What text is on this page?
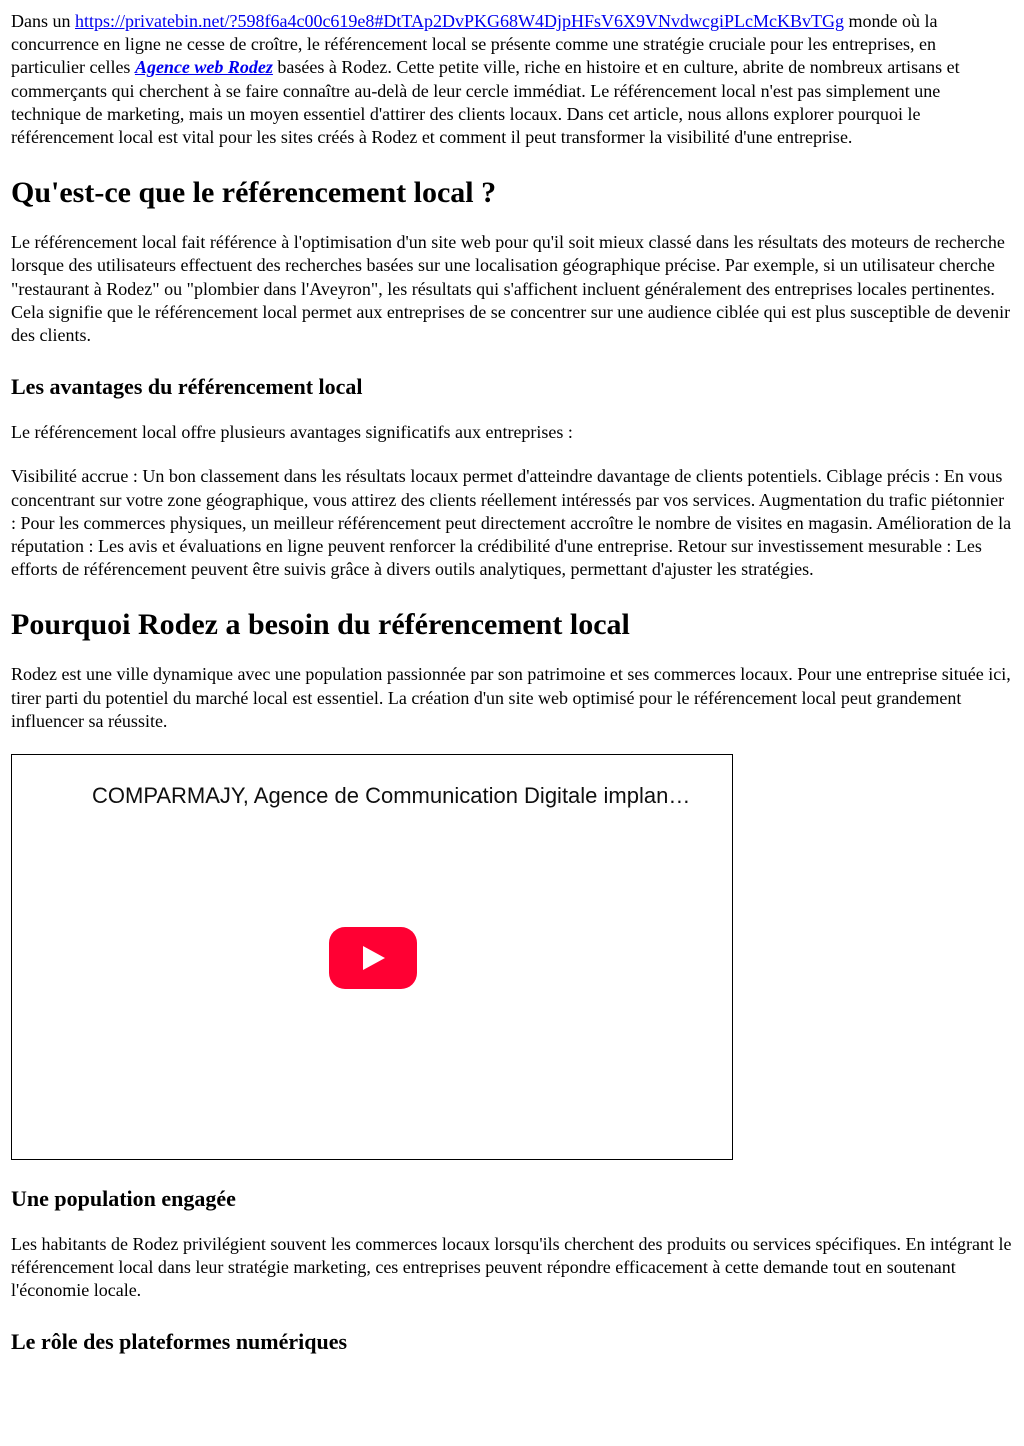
Dans un https://privatebin.net/?598f6a4c00c619e8#DtTAp2DvPKG68W4DjpHFsV6X9VNvdwcgiPLcMcKBvTGg monde où la concurrence en ligne ne cesse de croître, le référencement local se présente comme une stratégie cruciale pour les entreprises, en particulier celles Agence web Rodez basées à Rodez. Cette petite ville, riche en histoire et en culture, abrite de nombreux artisans et commerçants qui cherchent à se faire connaître au-delà de leur cercle immédiat. Le référencement local n'est pas simplement une technique de marketing, mais un moyen essentiel d'attirer des clients locaux. Dans cet article, nous allons explorer pourquoi le référencement local est vital pour les sites créés à Rodez et comment il peut transformer la visibilité d'une entreprise.

Qu'est-ce que le référencement local ?

Le référencement local fait référence à l'optimisation d'un site web pour qu'il soit mieux classé dans les résultats des moteurs de recherche lorsque des utilisateurs effectuent des recherches basées sur une localisation géographique précise. Par exemple, si un utilisateur cherche "restaurant à Rodez" ou "plombier dans l'Aveyron", les résultats qui s'affichent incluent généralement des entreprises locales pertinentes. Cela signifie que le référencement local permet aux entreprises de se concentrer sur une audience ciblée qui est plus susceptible de devenir des clients.

Les avantages du référencement local

Le référencement local offre plusieurs avantages significatifs aux entreprises :

Visibilité accrue : Un bon classement dans les résultats locaux permet d'atteindre davantage de clients potentiels. Ciblage précis : En vous concentrant sur votre zone géographique, vous attirez des clients réellement intéressés par vos services. Augmentation du trafic piétonnier : Pour les commerces physiques, un meilleur référencement peut directement accroître le nombre de visites en magasin. Amélioration de la réputation : Les avis et évaluations en ligne peuvent renforcer la crédibilité d'une entreprise. Retour sur investissement mesurable : Les efforts de référencement peuvent être suivis grâce à divers outils analytiques, permettant d'ajuster les stratégies.

Pourquoi Rodez a besoin du référencement local

Rodez est une ville dynamique avec une population passionnée par son patrimoine et ses commerces locaux. Pour une entreprise située ici, tirer parti du potentiel du marché local est essentiel. La création d'un site web optimisé pour le référencement local peut grandement influencer sa réussite.

COMPARMAJY, Agence de Communication Digitale implan…
Une population engagée

Les habitants de Rodez privilégient souvent les commerces locaux lorsqu'ils cherchent des produits ou services spécifiques. En intégrant le référencement local dans leur stratégie marketing, ces entreprises peuvent répondre efficacement à cette demande tout en soutenant l'économie locale.

Le rôle des plateformes numériques
